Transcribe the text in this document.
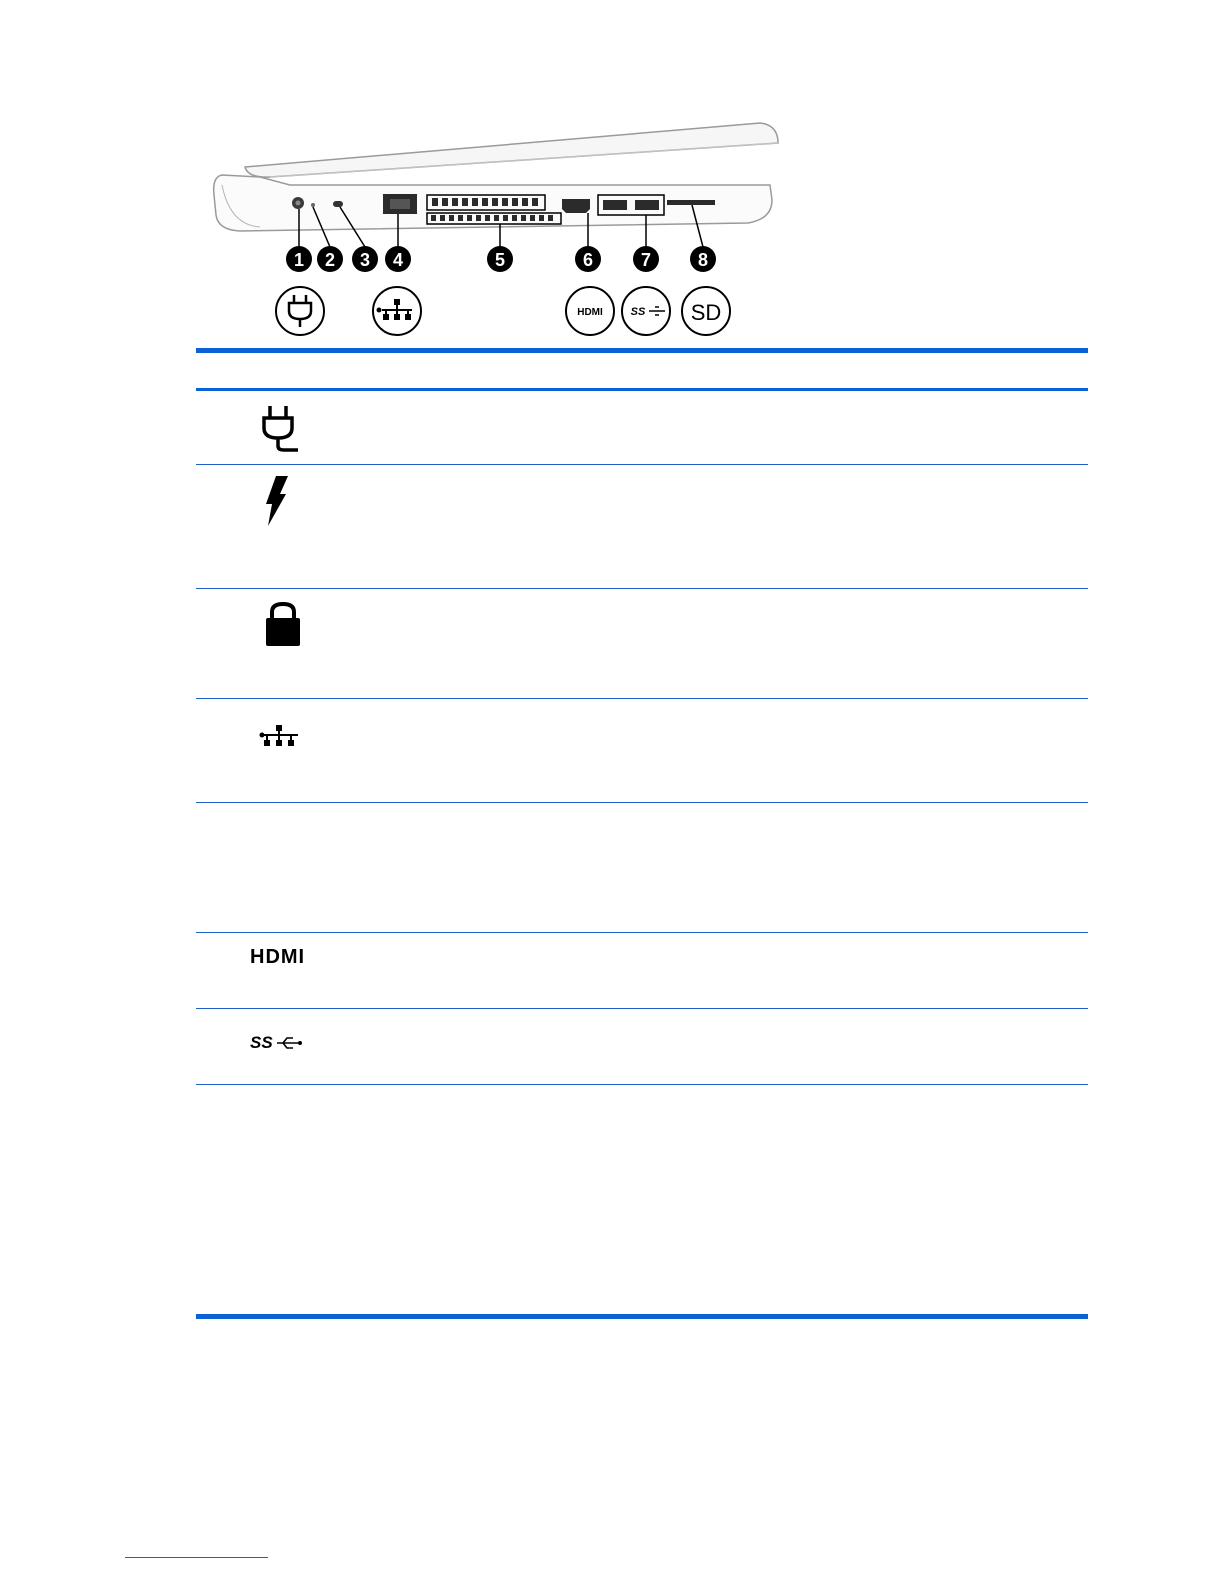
1 2 3 4	5	6	7	8
HDMI	SS SD
HDMI
SS
